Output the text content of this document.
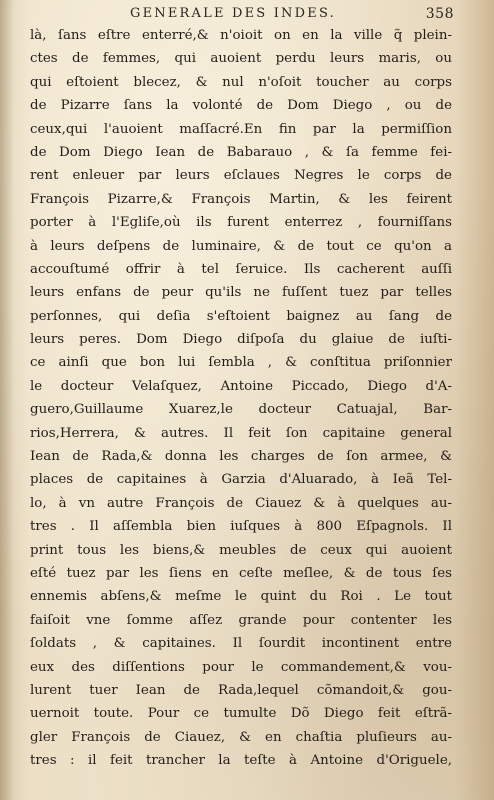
GENERALE DES INDES.	358
là, ſans eſtre enterré,& n'oioit on en la ville q̃ plein-
ctes de femmes, qui auoient perdu leurs maris, ou
qui eſtoient blecez, & nul n'oſoit toucher au corps
de Pizarre ſans la volonté de Dom Diego , ou de
ceux,qui l'auoient maſſacré.En fin par la permiſſion
de Dom Diego Iean de Babarauo , & ſa femme fei-
rent enleuer par leurs eſclaues Negres le corps de
François Pizarre,& François Martin, & les feirent
porter à l'Egliſe,où ils furent enterrez , fourniſſans
à leurs deſpens de luminaire, & de tout ce qu'on a
accouſtumé offrir à tel ſeruice. Ils cacherent auſſi
leurs enfans de peur qu'ils ne fuſſent tuez par telles
perſonnes, qui deſia s'eſtoient baignez au ſang de
leurs peres. Dom Diego diſpoſa du glaiue de iuſti-
ce ainſi que bon lui ſembla , & conſtitua priſonnier
le docteur Velaſquez, Antoine Piccado, Diego d'A-
guero,Guillaume Xuarez,le docteur Catuajal, Bar-
rios,Herrera, & autres. Il feit ſon capitaine general
Iean de Rada,& donna les charges de ſon armee, &
places de capitaines à Garzia d'Aluarado, à Ieã Tel-
lo, à vn autre François de Ciauez & à quelques au-
tres . Il aſſembla bien iuſques à 800 Eſpagnols. Il
print tous les biens,& meubles de ceux qui auoient
eſté tuez par les ſiens en ceſte meſlee, & de tous ſes
ennemis abſens,& meſme le quint du Roi . Le tout
faiſoit vne ſomme aſſez grande pour contenter les
ſoldats , & capitaines. Il ſourdit incontinent entre
eux des diſſentions pour le commandement,& vou-
lurent tuer Iean de Rada,lequel cõmandoit,& gou-
uernoit toute. Pour ce tumulte Dõ Diego feit eſtrã-
gler François de Ciauez, & en chaſtia pluſieurs au-
tres : il feit trancher la teſte à Antoine d'Origuele,
